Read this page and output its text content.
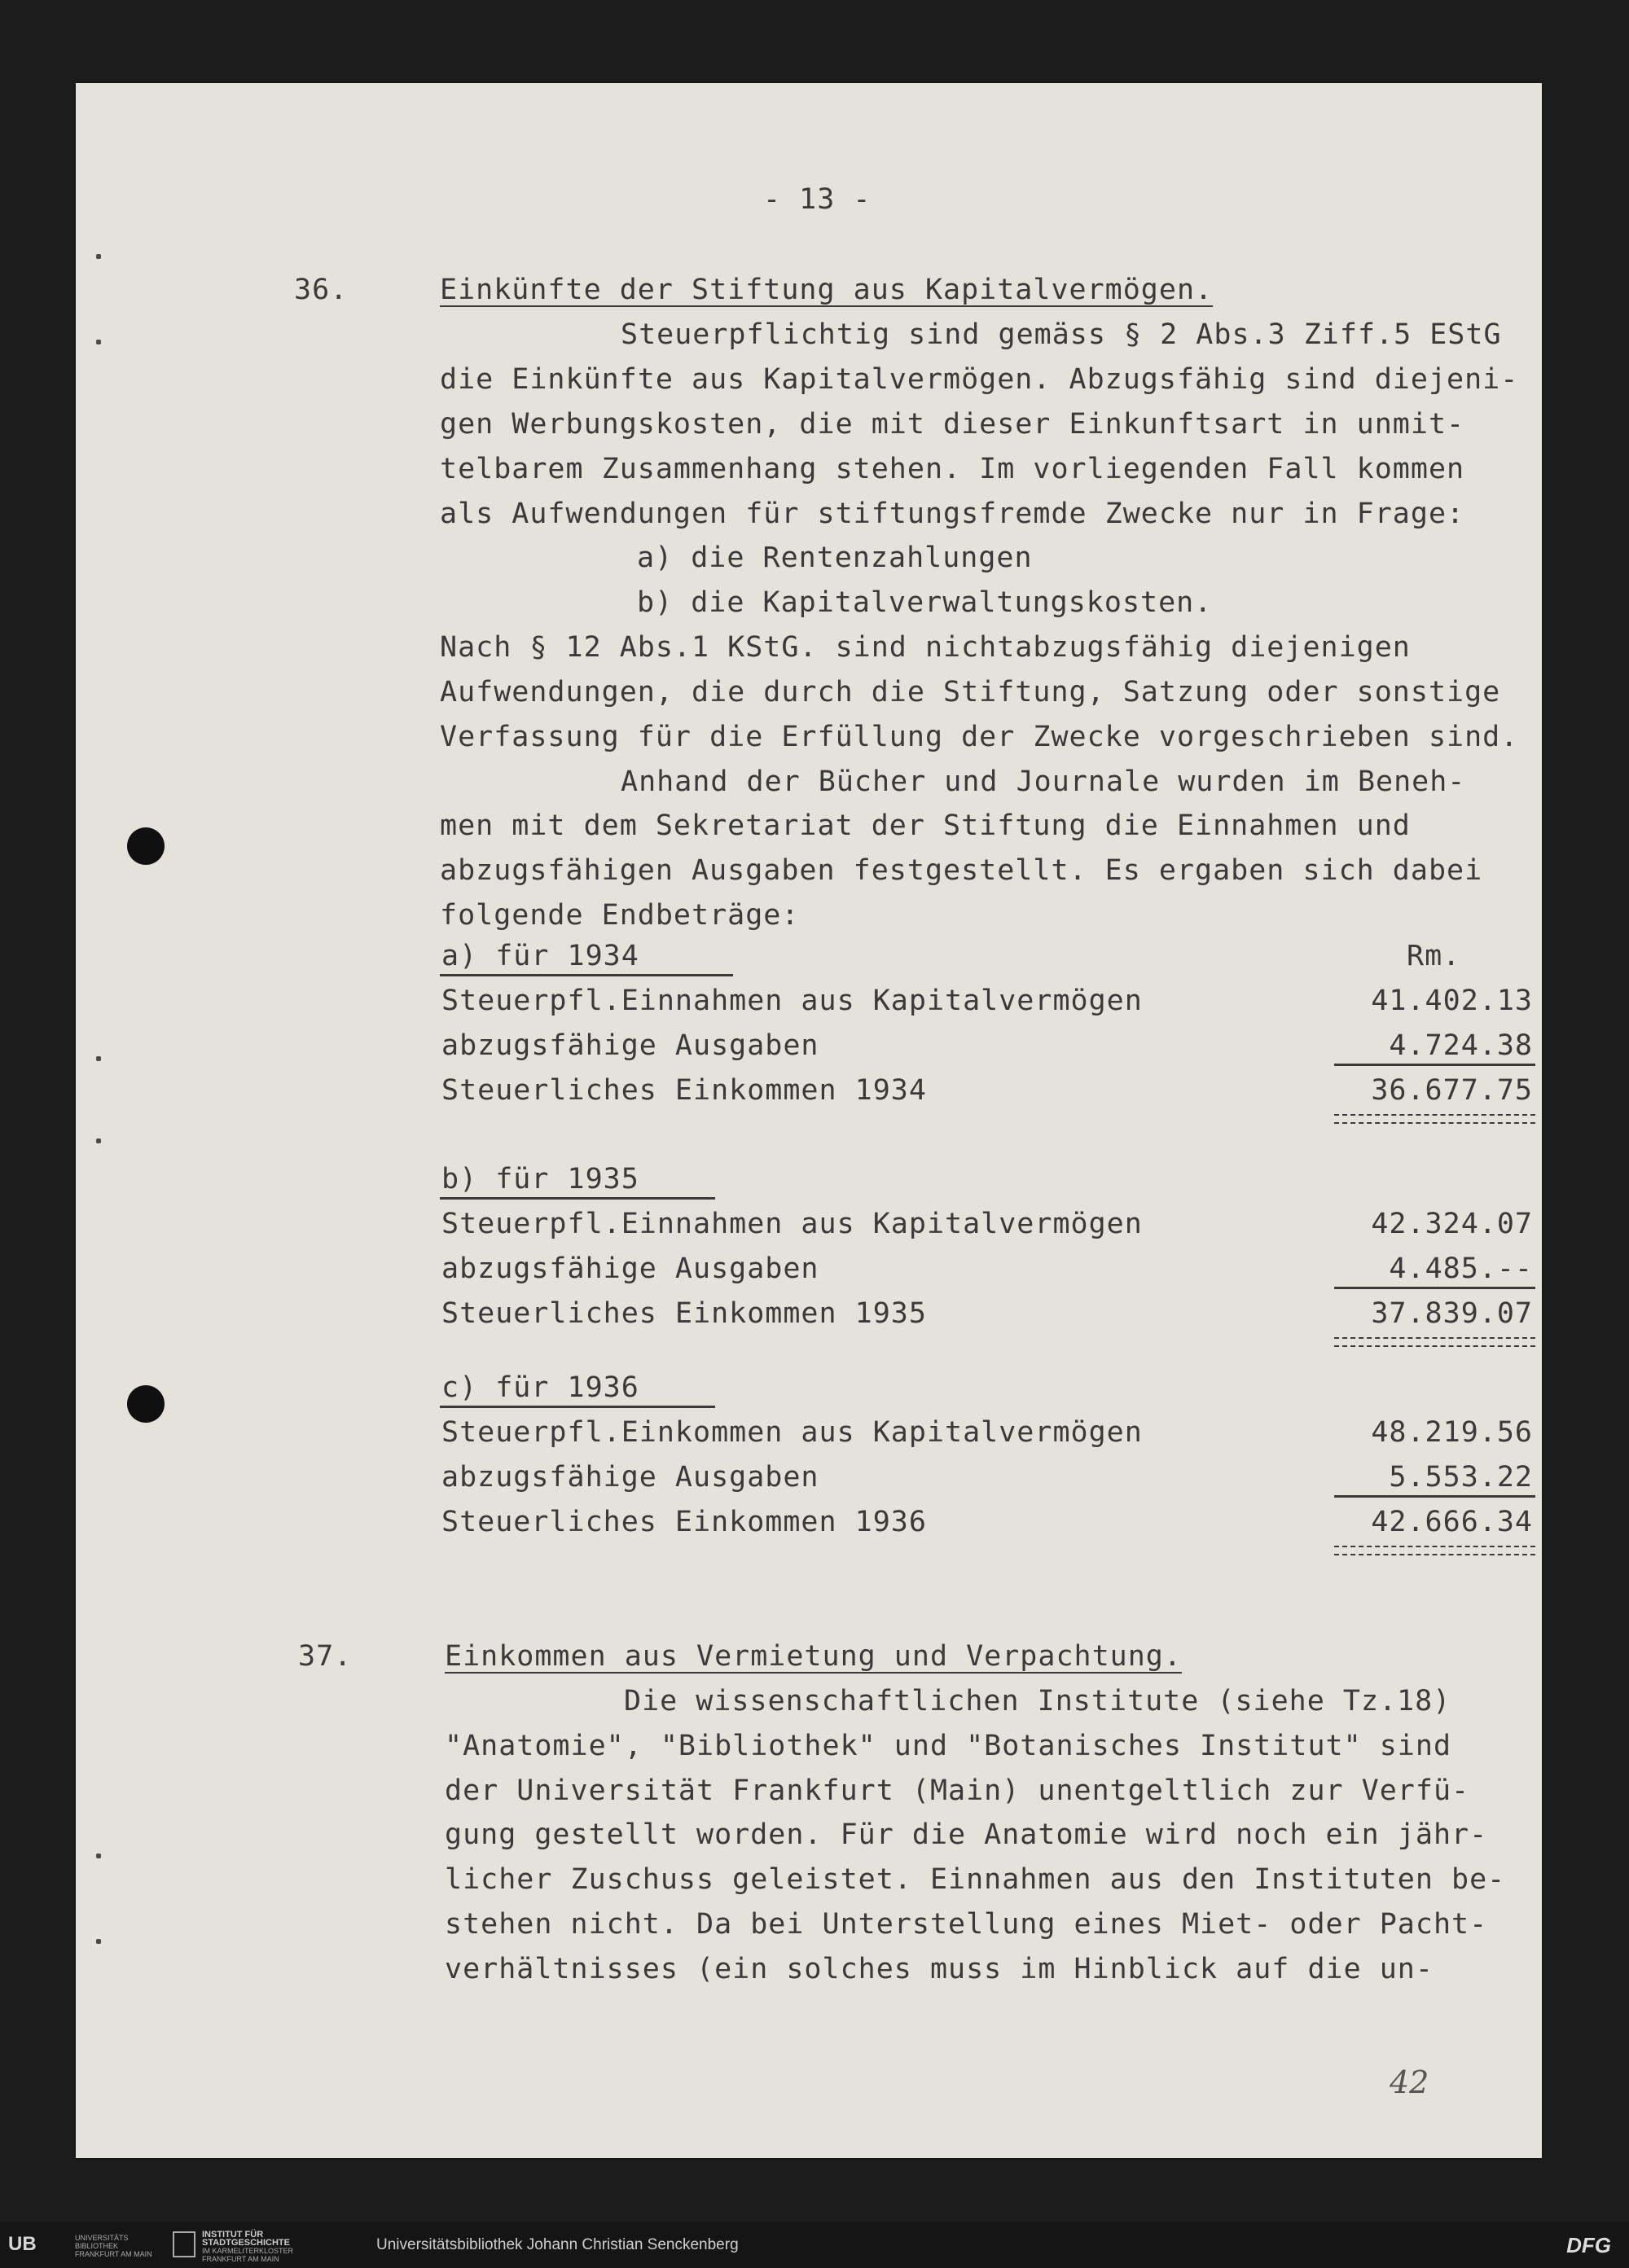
- 13 -
36.	Einkünfte der Stiftung aus Kapitalvermögen.
Steuerpflichtig sind gemäss § 2 Abs.3 Ziff.5 EStG
die Einkünfte aus Kapitalvermögen. Abzugsfähig sind diejeni-
gen Werbungskosten, die mit dieser Einkunftsart in unmit-
telbarem Zusammenhang stehen. Im vorliegenden Fall kommen
als Aufwendungen für stiftungsfremde Zwecke nur in Frage:
a) die Rentenzahlungen
b) die Kapitalverwaltungskosten.
Nach § 12 Abs.1 KStG. sind nichtabzugsfähig diejenigen
Aufwendungen, die durch die Stiftung, Satzung oder sonstige
Verfassung für die Erfüllung der Zwecke vorgeschrieben sind.
Anhand der Bücher und Journale wurden im Beneh-
men mit dem Sekretariat der Stiftung die Einnahmen und
abzugsfähigen Ausgaben festgestellt. Es ergaben sich dabei
folgende Endbeträge:
a) für 1934	Rm.
Steuerpfl.Einnahmen aus Kapitalvermögen	41.402.13
abzugsfähige Ausgaben	4.724.38
Steuerliches Einkommen 1934	36.677.75
b) für 1935
Steuerpfl.Einnahmen aus Kapitalvermögen	42.324.07
abzugsfähige Ausgaben	4.485.--
Steuerliches Einkommen 1935	37.839.07
c) für 1936
Steuerpfl.Einkommen aus Kapitalvermögen	48.219.56
abzugsfähige Ausgaben	5.553.22
Steuerliches Einkommen 1936	42.666.34
37.	Einkommen aus Vermietung und Verpachtung.
Die wissenschaftlichen Institute (siehe Tz.18)
"Anatomie", "Bibliothek" und "Botanisches Institut" sind
der Universität Frankfurt (Main) unentgeltlich zur Verfü-
gung gestellt worden. Für die Anatomie wird noch ein jähr-
licher Zuschuss geleistet. Einnahmen aus den Instituten be-
stehen nicht. Da bei Unterstellung eines Miet- oder Pacht-
verhältnisses (ein solches muss im Hinblick auf die un-
42
UB	UNIVERSITÄTS
BIBLIOTHEK
FRANKFURT AM MAIN
INSTITUT FÜR
STADTGESCHICHTE
IM KARMELITERKLOSTER
FRANKFURT AM MAIN
Universitätsbibliothek Johann Christian Senckenberg	DFG
